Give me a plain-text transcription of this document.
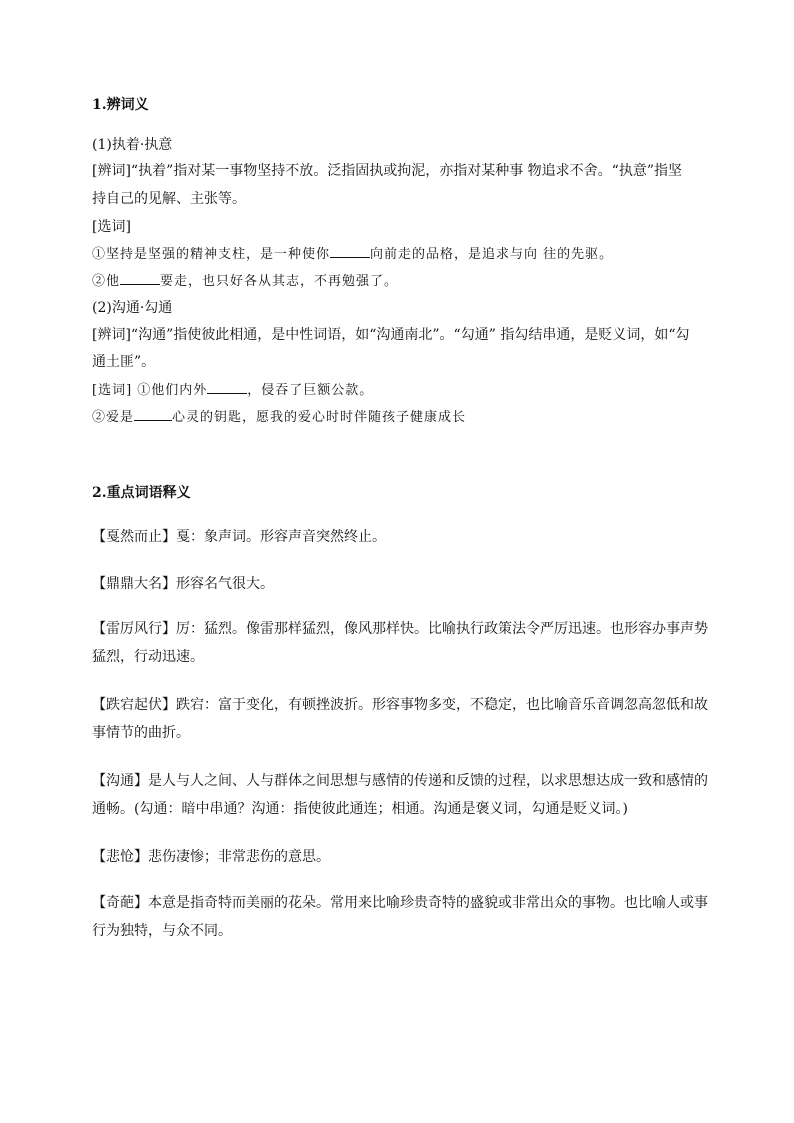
1.辨词义
(1)执着·执意
[辨词]“执着”指对某一事物坚持不放。泛指固执或拘泥，亦指对某种事 物追求不舍。“执意”指坚
持自己的见解、主张等。
[选词]
①坚持是坚强的精神支柱，是一种使你	向前走的品格，是追求与向 往的先驱。
②他	要走，也只好各从其志，不再勉强了。
(2)沟通·勾通
[辨词]“沟通”指使彼此相通，是中性词语，如“沟通南北”。“勾通” 指勾结串通，是贬义词，如“勾
通土匪”。
[选词] ①他们内外	，侵吞了巨额公款。
②爱是	心灵的钥匙，愿我的爱心时时伴随孩子健康成长
2.重点词语释义
【戛然而止】戛：象声词。形容声音突然终止。
【鼎鼎大名】形容名气很大。
【雷厉风行】厉：猛烈。像雷那样猛烈，像风那样快。比喻执行政策法令严厉迅速。也形容办事声势
猛烈，行动迅速。
【跌宕起伏】跌宕：富于变化，有顿挫波折。形容事物多变，不稳定，也比喻音乐音调忽高忽低和故
事情节的曲折。
【沟通】是人与人之间、人与群体之间思想与感情的传递和反馈的过程，以求思想达成一致和感情的
通畅。(勾通：暗中串通？沟通：指使彼此通连；相通。沟通是褒义词，勾通是贬义词。)
【悲怆】悲伤凄惨；非常悲伤的意思。
【奇葩】本意是指奇特而美丽的花朵。常用来比喻珍贵奇特的盛貌或非常出众的事物。也比喻人或事
行为独特，与众不同。
